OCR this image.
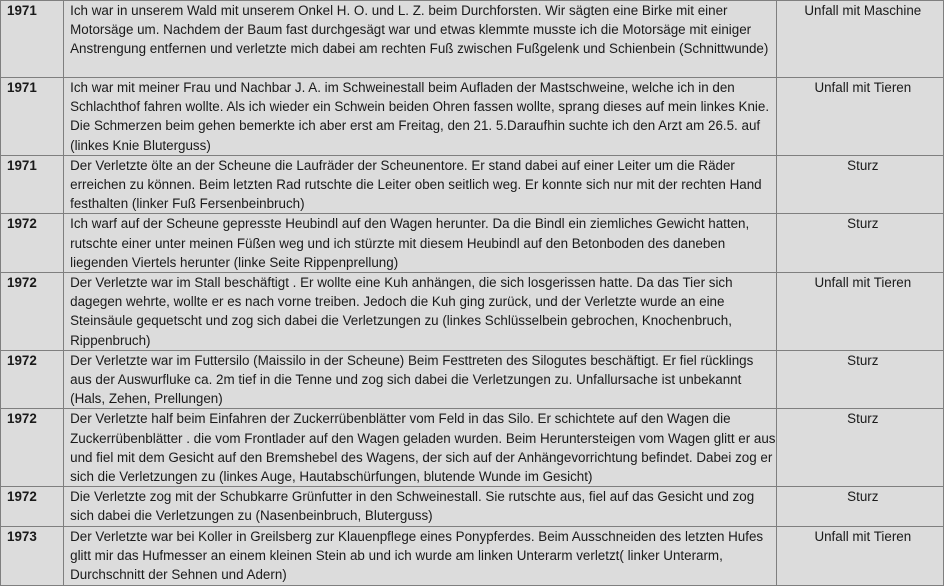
1971	Ich war in unserem Wald mit unserem Onkel H. O. und L. Z. beim Durchforsten. Wir sägten eine Birke mit einer Motorsäge um. Nachdem der Baum fast durchgesägt war und etwas klemmte musste ich die Motorsäge mit einiger Anstrengung entfernen und verletzte mich dabei am rechten Fuß zwischen Fußgelenk und Schienbein (Schnittwunde)	Unfall mit Maschine
1971	Ich war mit meiner Frau und Nachbar J. A. im Schweinestall beim Aufladen der Mastschweine, welche ich in den Schlachthof fahren wollte. Als ich wieder ein Schwein beiden Ohren fassen wollte, sprang dieses auf mein linkes Knie. Die Schmerzen beim gehen bemerkte ich aber erst am Freitag, den 21. 5.Daraufhin suchte ich den Arzt am 26.5. auf (linkes Knie Bluterguss)	Unfall mit Tieren
1971	Der Verletzte ölte an der Scheune die Laufräder der Scheunentore. Er stand dabei auf einer Leiter um die Räder erreichen zu können. Beim letzten Rad rutschte die Leiter oben seitlich weg. Er konnte sich nur mit der rechten Hand festhalten (linker Fuß Fersenbeinbruch)	Sturz
1972	Ich warf auf der Scheune gepresste Heubindl auf den Wagen herunter. Da die Bindl ein ziemliches Gewicht hatten, rutschte einer unter meinen Füßen weg und ich stürzte mit diesem Heubindl auf den Betonboden des daneben liegenden Viertels herunter (linke Seite Rippenprellung)	Sturz
1972	Der Verletzte war im Stall beschäftigt . Er wollte eine Kuh anhängen, die sich losgerissen hatte. Da das Tier sich dagegen wehrte, wollte er es nach vorne treiben. Jedoch die Kuh ging zurück, und der Verletzte wurde an eine Steinsäule gequetscht und zog sich dabei die Verletzungen zu (linkes Schlüsselbein gebrochen, Knochenbruch, Rippenbruch)	Unfall mit Tieren
1972	Der Verletzte war im Futtersilo (Maissilo in der Scheune) Beim Festtreten des Silogutes beschäftigt. Er fiel rücklings aus der Auswurfluke ca. 2m tief in die Tenne und zog sich dabei die Verletzungen zu. Unfallursache ist unbekannt (Hals, Zehen, Prellungen)	Sturz
1972	Der Verletzte half beim Einfahren der Zuckerrübenblätter vom Feld in das Silo. Er schichtete auf den Wagen die Zuckerrübenblätter . die vom Frontlader auf den Wagen geladen wurden. Beim Heruntersteigen vom Wagen glitt er aus und fiel mit dem Gesicht auf den Bremshebel des Wagens, der sich auf der Anhängevorrichtung befindet. Dabei zog er sich die Verletzungen zu (linkes Auge, Hautabschürfungen, blutende Wunde im Gesicht)	Sturz
1972	Die Verletzte zog mit der Schubkarre Grünfutter in den Schweinestall. Sie rutschte aus, fiel auf das Gesicht und zog sich dabei die Verletzungen zu (Nasenbeinbruch, Bluterguss)	Sturz
1973	Der Verletzte war bei Koller in Greilsberg zur Klauenpflege eines Ponypferdes. Beim Ausschneiden des letzten Hufes glitt mir das Hufmesser an einem kleinen Stein ab und ich wurde am linken Unterarm verletzt( linker Unterarm, Durchschnitt der Sehnen und Adern)	Unfall mit Tieren
